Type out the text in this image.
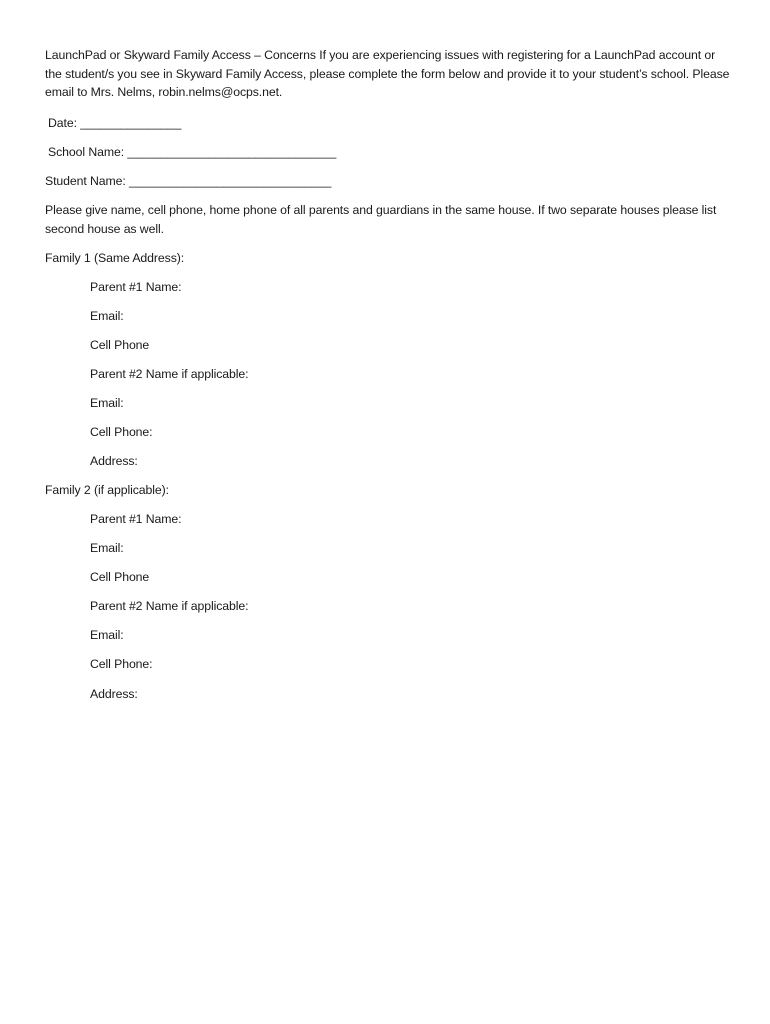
LaunchPad or Skyward Family Access – Concerns If you are experiencing issues with registering for a LaunchPad account or the student/s you see in Skyward Family Access, please complete the form below and provide it to your student’s school. Please email to Mrs. Nelms, robin.nelms@ocps.net.
Date: _______________
School Name: _______________________________
Student Name: ______________________________
Please give name, cell phone, home phone of all parents and guardians in the same house. If two separate houses please list second house as well.
Family 1 (Same Address):
Parent #1 Name:
Email:
Cell Phone
Parent #2 Name if applicable:
Email:
Cell Phone:
Address:
Family 2 (if applicable):
Parent #1 Name:
Email:
Cell Phone
Parent #2 Name if applicable:
Email:
Cell Phone:
Address:
